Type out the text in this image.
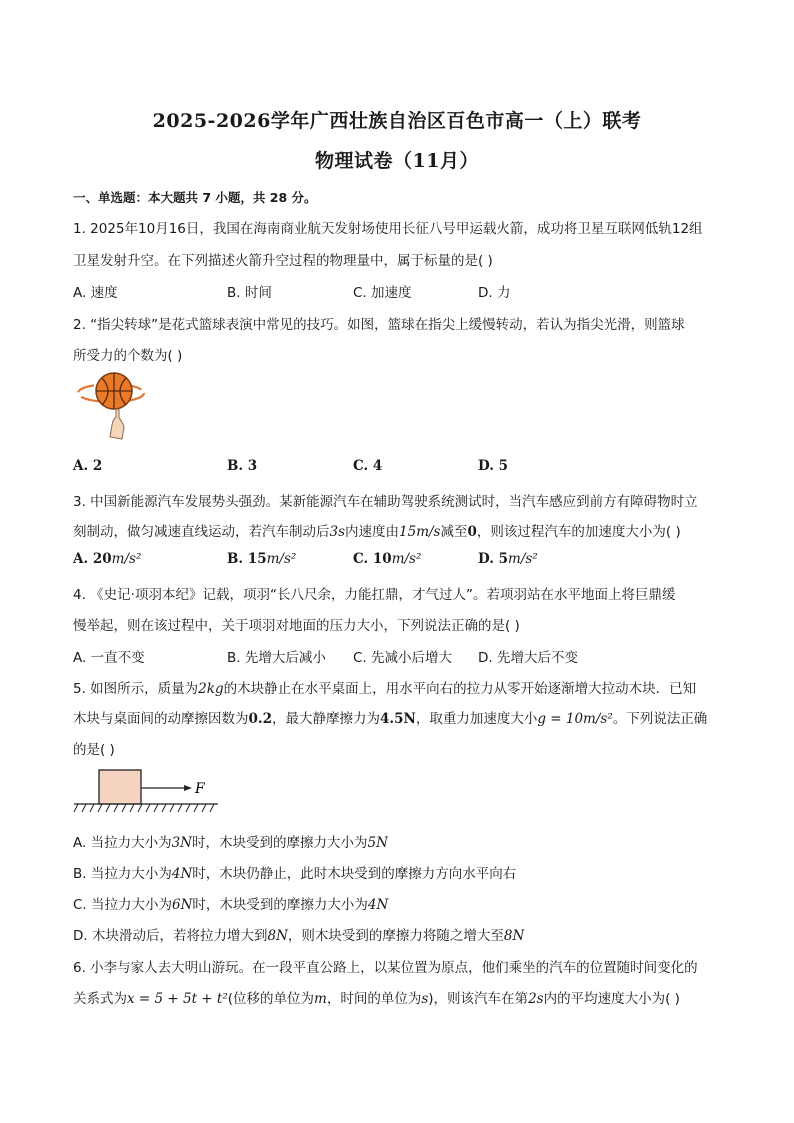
2025-2026学年广西壮族自治区百色市高一（上）联考
物理试卷（11月）
一、单选题：本大题共 7 小题，共 28 分。
1. 2025年10月16日，我国在海南商业航天发射场使用长征八号甲运载火箭，成功将卫星互联网低轨12组
卫星发射升空。在下列描述火箭升空过程的物理量中，属于标量的是( )
A. 速度	B. 时间	C. 加速度	D. 力
2. “指尖转球”是花式篮球表演中常见的技巧。如图，篮球在指尖上缓慢转动，若认为指尖光滑，则篮球
所受力的个数为( )
A. 2	B. 3	C. 4	D. 5
3. 中国新能源汽车发展势头强劲。某新能源汽车在辅助驾驶系统测试时，当汽车感应到前方有障碍物时立
刻制动，做匀减速直线运动，若汽车制动后3s内速度由15m/s减至0，则该过程汽车的加速度大小为( )
A. 20m/s²	B. 15m/s²	C. 10m/s²	D. 5m/s²
4. 《史记·项羽本纪》记载，项羽“长八尺余，力能扛鼎，才气过人”。若项羽站在水平地面上将巨鼎缓
慢举起，则在该过程中，关于项羽对地面的压力大小，下列说法正确的是( )
A. 一直不变	B. 先增大后减小 C. 先减小后增大 D. 先增大后不变
5. 如图所示，质量为2kg的木块静止在水平桌面上，用水平向右的拉力从零开始逐渐增大拉动木块．已知
木块与桌面间的动摩擦因数为0.2，最大静摩擦力为4.5N，取重力加速度大小g = 10m/s²。下列说法正确
的是( )
F
A. 当拉力大小为3N时，木块受到的摩擦力大小为5N
B. 当拉力大小为4N时，木块仍静止，此时木块受到的摩擦力方向水平向右
C. 当拉力大小为6N时，木块受到的摩擦力大小为4N
D. 木块滑动后，若将拉力增大到8N，则木块受到的摩擦力将随之增大至8N
6. 小李与家人去大明山游玩。在一段平直公路上，以某位置为原点，他们乘坐的汽车的位置随时间变化的
关系式为x = 5 + 5t + t²(位移的单位为m，时间的单位为s)，则该汽车在第2s内的平均速度大小为( )
